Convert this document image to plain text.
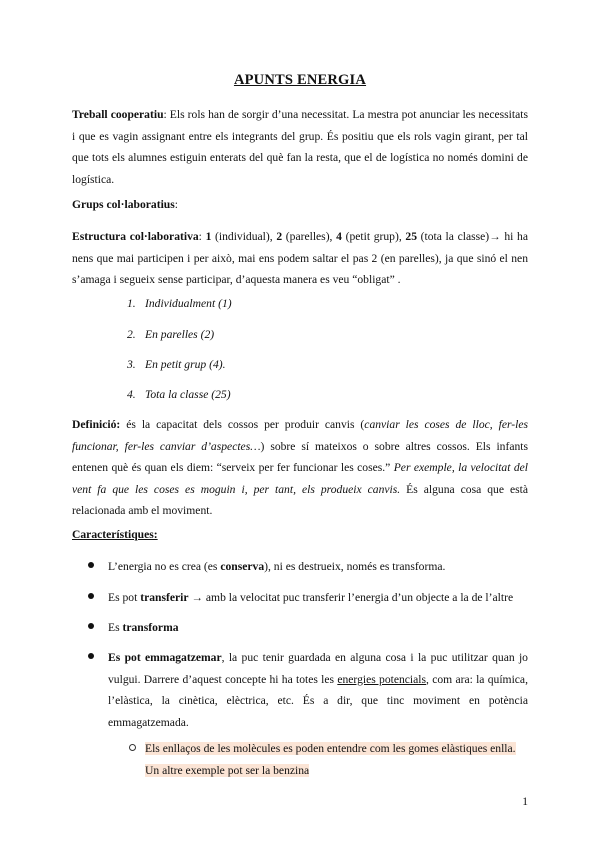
APUNTS ENERGIA

Treball cooperatiu: Els rols han de sorgir d’una necessitat. La mestra pot anunciar les necessitats i que es vagin assignant entre els integrants del grup. És positiu que els rols vagin girant, per tal que tots els alumnes estiguin enterats del què fan la resta, que el de logística no només domini de logística.

Grups col·laboratius:

Estructura col·laborativa: 1 (individual), 2 (parelles), 4 (petit grup), 25 (tota la classe)→ hi ha nens que mai participen i per això, mai ens podem saltar el pas 2 (en parelles), ja que sinó el nen s’amaga i segueix sense participar, d’aquesta manera es veu “obligat” .

1. Individualment (1)
2. En parelles (2)
3. En petit grup (4).
4. Tota la classe (25)

Definició: és la capacitat dels cossos per produir canvis (canviar les coses de lloc, fer-les funcionar, fer-les canviar d’aspectes…) sobre sí mateixos o sobre altres cossos. Els infants entenen què és quan els diem: “serveix per fer funcionar les coses.” Per exemple, la velocitat del vent fa que les coses es moguin i, per tant, els produeix canvis. És alguna cosa que està relacionada amb el moviment.

Característiques:

L’energia no es crea (es conserva), ni es destrueix, només es transforma.
Es pot transferir → amb la velocitat puc transferir l’energia d’un objecte a la de l’altre
Es transforma
Es pot emmagatzemar, la puc tenir guardada en alguna cosa i la puc utilitzar quan jo vulgui. Darrere d’aquest concepte hi ha totes les energies potencials, com ara: la química, l’elàstica, la cinètica, elèctrica, etc. És a dir, que tinc moviment en potència emmagatzemada.
Els enllaços de les molècules es poden entendre com les gomes elàstiques enlla. Un altre exemple pot ser la benzina
1
